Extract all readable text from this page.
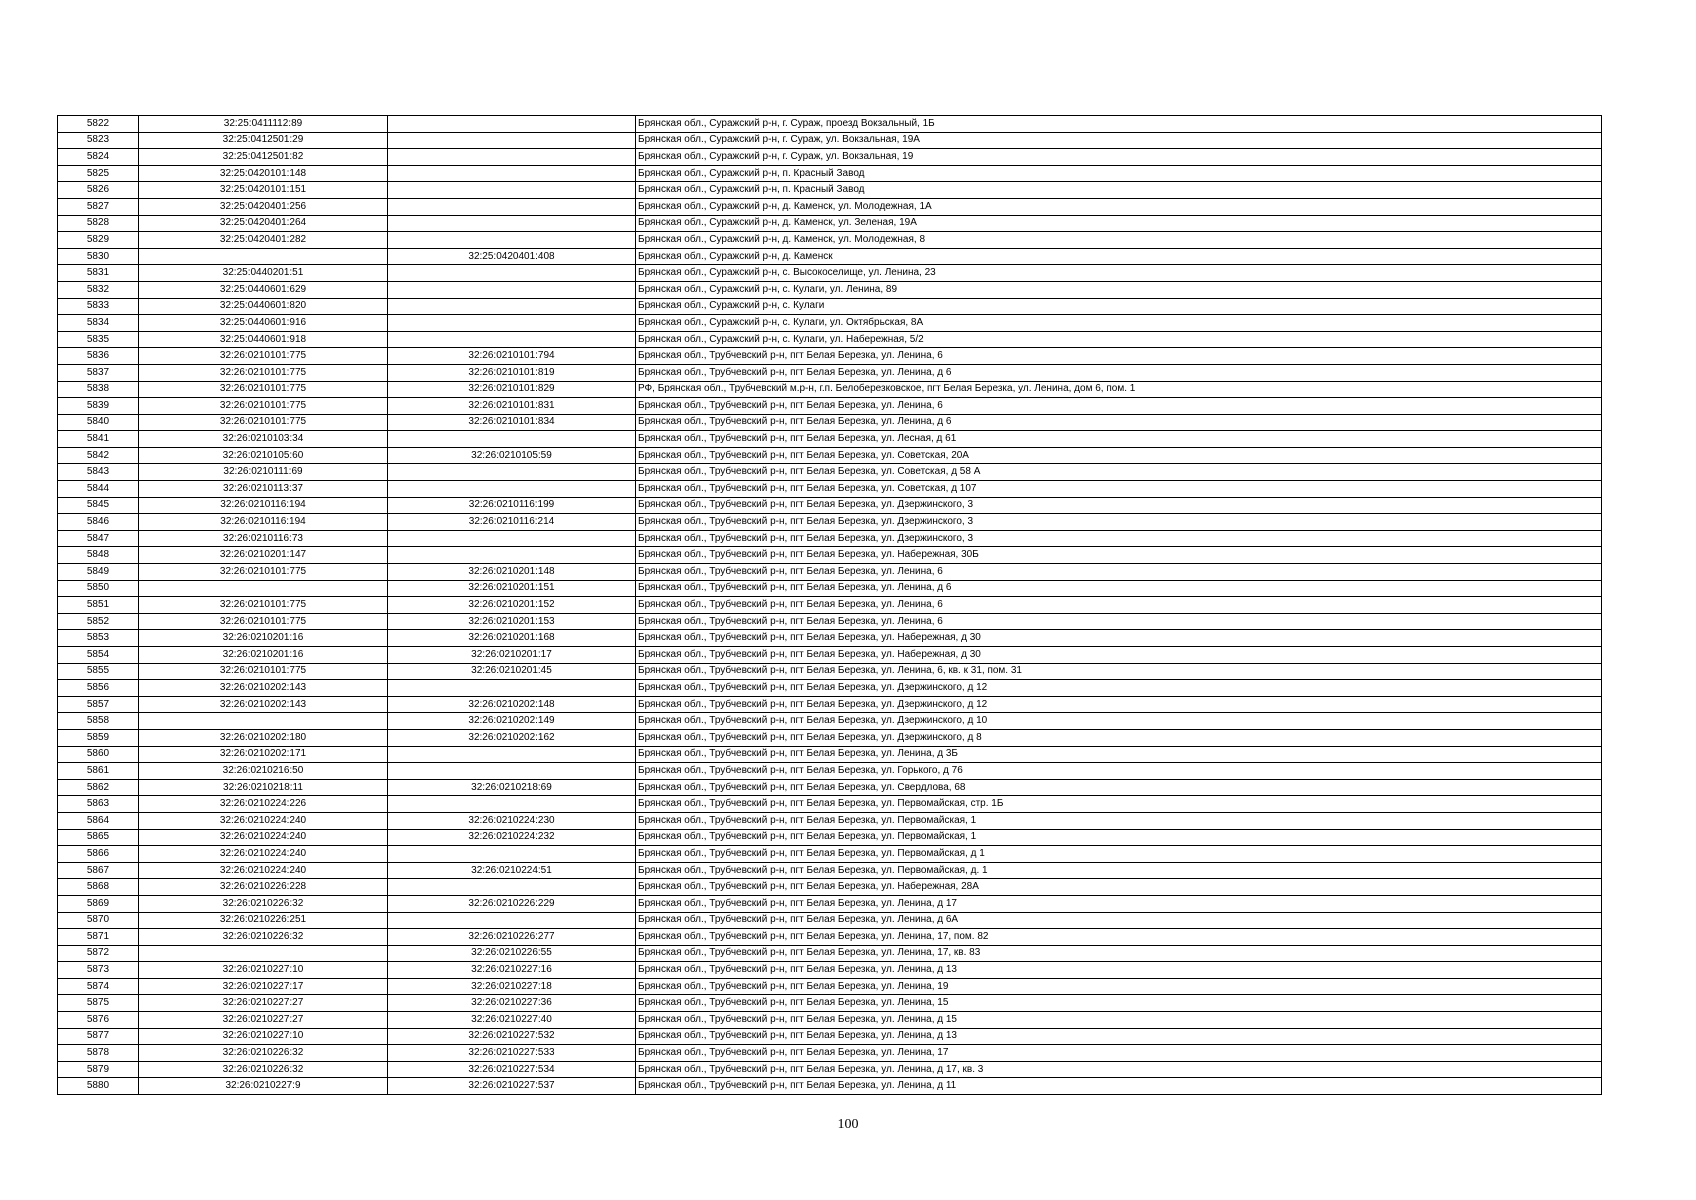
5822	32:25:0411112:89		Брянская обл., Суражский р-н, г. Сураж, проезд Вокзальный, 1Б
5823	32:25:0412501:29		Брянская обл., Суражский р-н, г. Сураж, ул. Вокзальная, 19А
5824	32:25:0412501:82		Брянская обл., Суражский р-н, г. Сураж, ул. Вокзальная, 19
5825	32:25:0420101:148		Брянская обл., Суражский р-н, п. Красный Завод
5826	32:25:0420101:151		Брянская обл., Суражский р-н, п. Красный Завод
5827	32:25:0420401:256		Брянская обл., Суражский р-н, д. Каменск, ул. Молодежная, 1А
5828	32:25:0420401:264		Брянская обл., Суражский р-н, д. Каменск, ул. Зеленая, 19А
5829	32:25:0420401:282		Брянская обл., Суражский р-н, д. Каменск, ул. Молодежная, 8
5830		32:25:0420401:408	Брянская обл., Суражский р-н, д. Каменск
5831	32:25:0440201:51		Брянская обл., Суражский р-н, с. Высокоселище, ул. Ленина, 23
5832	32:25:0440601:629		Брянская обл., Суражский р-н, с. Кулаги, ул. Ленина, 89
5833	32:25:0440601:820		Брянская обл., Суражский р-н, с. Кулаги
5834	32:25:0440601:916		Брянская обл., Суражский р-н, с. Кулаги, ул. Октябрьская, 8А
5835	32:25:0440601:918		Брянская обл., Суражский р-н, с. Кулаги, ул. Набережная, 5/2
5836	32:26:0210101:775	32:26:0210101:794	Брянская обл., Трубчевский р-н, пгт Белая Березка, ул. Ленина, 6
5837	32:26:0210101:775	32:26:0210101:819	Брянская обл., Трубчевский р-н, пгт Белая Березка, ул. Ленина, д 6
5838	32:26:0210101:775	32:26:0210101:829	РФ, Брянская обл., Трубчевский м.р-н, г.п. Белоберезковское, пгт Белая Березка, ул. Ленина, дом 6, пом. 1
5839	32:26:0210101:775	32:26:0210101:831	Брянская обл., Трубчевский р-н, пгт Белая Березка, ул. Ленина, 6
5840	32:26:0210101:775	32:26:0210101:834	Брянская обл., Трубчевский р-н, пгт Белая Березка, ул. Ленина, д 6
5841	32:26:0210103:34		Брянская обл., Трубчевский р-н, пгт Белая Березка, ул. Лесная, д 61
5842	32:26:0210105:60	32:26:0210105:59	Брянская обл., Трубчевский р-н, пгт Белая Березка, ул. Советская, 20А
5843	32:26:0210111:69		Брянская обл., Трубчевский р-н, пгт Белая Березка, ул. Советская, д 58 А
5844	32:26:0210113:37		Брянская обл., Трубчевский р-н, пгт Белая Березка, ул. Советская, д 107
5845	32:26:0210116:194	32:26:0210116:199	Брянская обл., Трубчевский р-н, пгт Белая Березка, ул. Дзержинского, 3
5846	32:26:0210116:194	32:26:0210116:214	Брянская обл., Трубчевский р-н, пгт Белая Березка, ул. Дзержинского, 3
5847	32:26:0210116:73		Брянская обл., Трубчевский р-н, пгт Белая Березка, ул. Дзержинского, 3
5848	32:26:0210201:147		Брянская обл., Трубчевский р-н, пгт Белая Березка, ул. Набережная, 30Б
5849	32:26:0210101:775	32:26:0210201:148	Брянская обл., Трубчевский р-н, пгт Белая Березка, ул. Ленина, 6
5850		32:26:0210201:151	Брянская обл., Трубчевский р-н, пгт Белая Березка, ул. Ленина, д 6
5851	32:26:0210101:775	32:26:0210201:152	Брянская обл., Трубчевский р-н, пгт Белая Березка, ул. Ленина, 6
5852	32:26:0210101:775	32:26:0210201:153	Брянская обл., Трубчевский р-н, пгт Белая Березка, ул. Ленина, 6
5853	32:26:0210201:16	32:26:0210201:168	Брянская обл., Трубчевский р-н, пгт Белая Березка, ул. Набережная, д 30
5854	32:26:0210201:16	32:26:0210201:17	Брянская обл., Трубчевский р-н, пгт Белая Березка, ул. Набережная, д 30
5855	32:26:0210101:775	32:26:0210201:45	Брянская обл., Трубчевский р-н, пгт Белая Березка, ул. Ленина, 6, кв. к 31, пом. 31
5856	32:26:0210202:143		Брянская обл., Трубчевский р-н, пгт Белая Березка, ул. Дзержинского, д 12
5857	32:26:0210202:143	32:26:0210202:148	Брянская обл., Трубчевский р-н, пгт Белая Березка, ул. Дзержинского, д 12
5858		32:26:0210202:149	Брянская обл., Трубчевский р-н, пгт Белая Березка, ул. Дзержинского, д 10
5859	32:26:0210202:180	32:26:0210202:162	Брянская обл., Трубчевский р-н, пгт Белая Березка, ул. Дзержинского, д 8
5860	32:26:0210202:171		Брянская обл., Трубчевский р-н, пгт Белая Березка, ул. Ленина, д 3Б
5861	32:26:0210216:50		Брянская обл., Трубчевский р-н, пгт Белая Березка, ул. Горького, д 76
5862	32:26:0210218:11	32:26:0210218:69	Брянская обл., Трубчевский р-н, пгт Белая Березка, ул. Свердлова, 68
5863	32:26:0210224:226		Брянская обл., Трубчевский р-н, пгт Белая Березка, ул. Первомайская, стр. 1Б
5864	32:26:0210224:240	32:26:0210224:230	Брянская обл., Трубчевский р-н, пгт Белая Березка, ул. Первомайская, 1
5865	32:26:0210224:240	32:26:0210224:232	Брянская обл., Трубчевский р-н, пгт Белая Березка, ул. Первомайская, 1
5866	32:26:0210224:240		Брянская обл., Трубчевский р-н, пгт Белая Березка, ул. Первомайская, д 1
5867	32:26:0210224:240	32:26:0210224:51	Брянская обл., Трубчевский р-н, пгт Белая Березка, ул. Первомайская, д. 1
5868	32:26:0210226:228		Брянская обл., Трубчевский р-н, пгт Белая Березка, ул. Набережная, 28А
5869	32:26:0210226:32	32:26:0210226:229	Брянская обл., Трубчевский р-н, пгт Белая Березка, ул. Ленина, д 17
5870	32:26:0210226:251		Брянская обл., Трубчевский р-н, пгт Белая Березка, ул. Ленина, д 6А
5871	32:26:0210226:32	32:26:0210226:277	Брянская обл., Трубчевский р-н, пгт Белая Березка, ул. Ленина, 17, пом. 82
5872		32:26:0210226:55	Брянская обл., Трубчевский р-н, пгт Белая Березка, ул. Ленина, 17, кв. 83
5873	32:26:0210227:10	32:26:0210227:16	Брянская обл., Трубчевский р-н, пгт Белая Березка, ул. Ленина, д 13
5874	32:26:0210227:17	32:26:0210227:18	Брянская обл., Трубчевский р-н, пгт Белая Березка, ул. Ленина, 19
5875	32:26:0210227:27	32:26:0210227:36	Брянская обл., Трубчевский р-н, пгт Белая Березка, ул. Ленина, 15
5876	32:26:0210227:27	32:26:0210227:40	Брянская обл., Трубчевский р-н, пгт Белая Березка, ул. Ленина, д 15
5877	32:26:0210227:10	32:26:0210227:532	Брянская обл., Трубчевский р-н, пгт Белая Березка, ул. Ленина, д 13
5878	32:26:0210226:32	32:26:0210227:533	Брянская обл., Трубчевский р-н, пгт Белая Березка, ул. Ленина, 17
5879	32:26:0210226:32	32:26:0210227:534	Брянская обл., Трубчевский р-н, пгт Белая Березка, ул. Ленина, д 17, кв. 3
5880	32:26:0210227:9	32:26:0210227:537	Брянская обл., Трубчевский р-н, пгт Белая Березка, ул. Ленина, д 11
100
